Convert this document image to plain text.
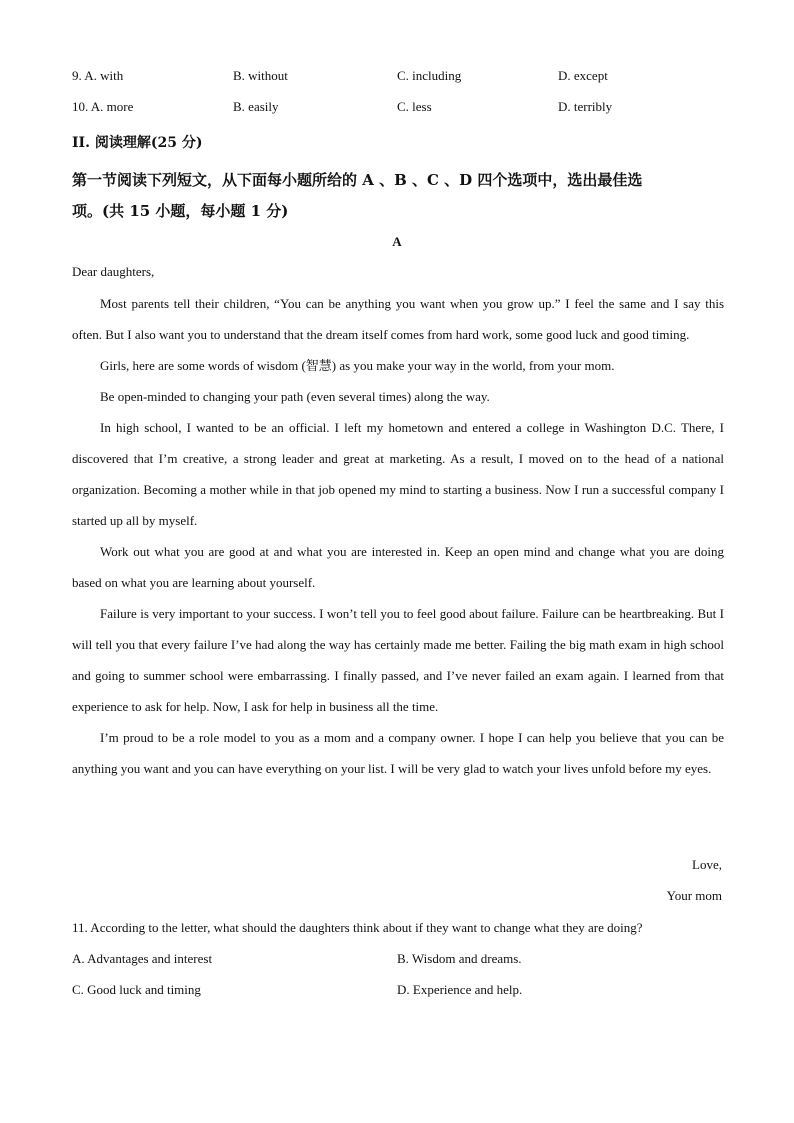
9. A. with	B. without	C. including	D. except
10. A. more	B. easily	C. less	D. terribly
II. 阅读理解(25 分)
第一节阅读下列短文，从下面每小题所给的 A 、B 、C 、D 四个选项中，选出最佳选
项。(共 15 小题，每小题 1 分)
A
Dear daughters,

Most parents tell their children, “You can be anything you want when you grow up.” I feel the same and I say this often. But I also want you to understand that the dream itself comes from hard work, some good luck and good timing.

Girls, here are some words of wisdom (智慧) as you make your way in the world, from your mom.

Be open-minded to changing your path (even several times) along the way.

In high school, I wanted to be an official. I left my hometown and entered a college in Washington D.C. There, I discovered that I’m creative, a strong leader and great at marketing. As a result, I moved on to the head of a national organization. Becoming a mother while in that job opened my mind to starting a business. Now I run a successful company I started up all by myself.

Work out what you are good at and what you are interested in. Keep an open mind and change what you are doing based on what you are learning about yourself.

Failure is very important to your success. I won’t tell you to feel good about failure. Failure can be heartbreaking. But I will tell you that every failure I’ve had along the way has certainly made me better. Failing the big math exam in high school and going to summer school were embarrassing. I finally passed, and I’ve never failed an exam again. I learned from that experience to ask for help. Now, I ask for help in business all the time.

I’m proud to be a role model to you as a mom and a company owner. I hope I can help you believe that you can be anything you want and you can have everything on your list. I will be very glad to watch your lives unfold before my eyes.

Love,
Your mom
11. According to the letter, what should the daughters think about if they want to change what they are doing?
A. Advantages and interest	B. Wisdom and dreams.
C. Good luck and timing	D. Experience and help.
